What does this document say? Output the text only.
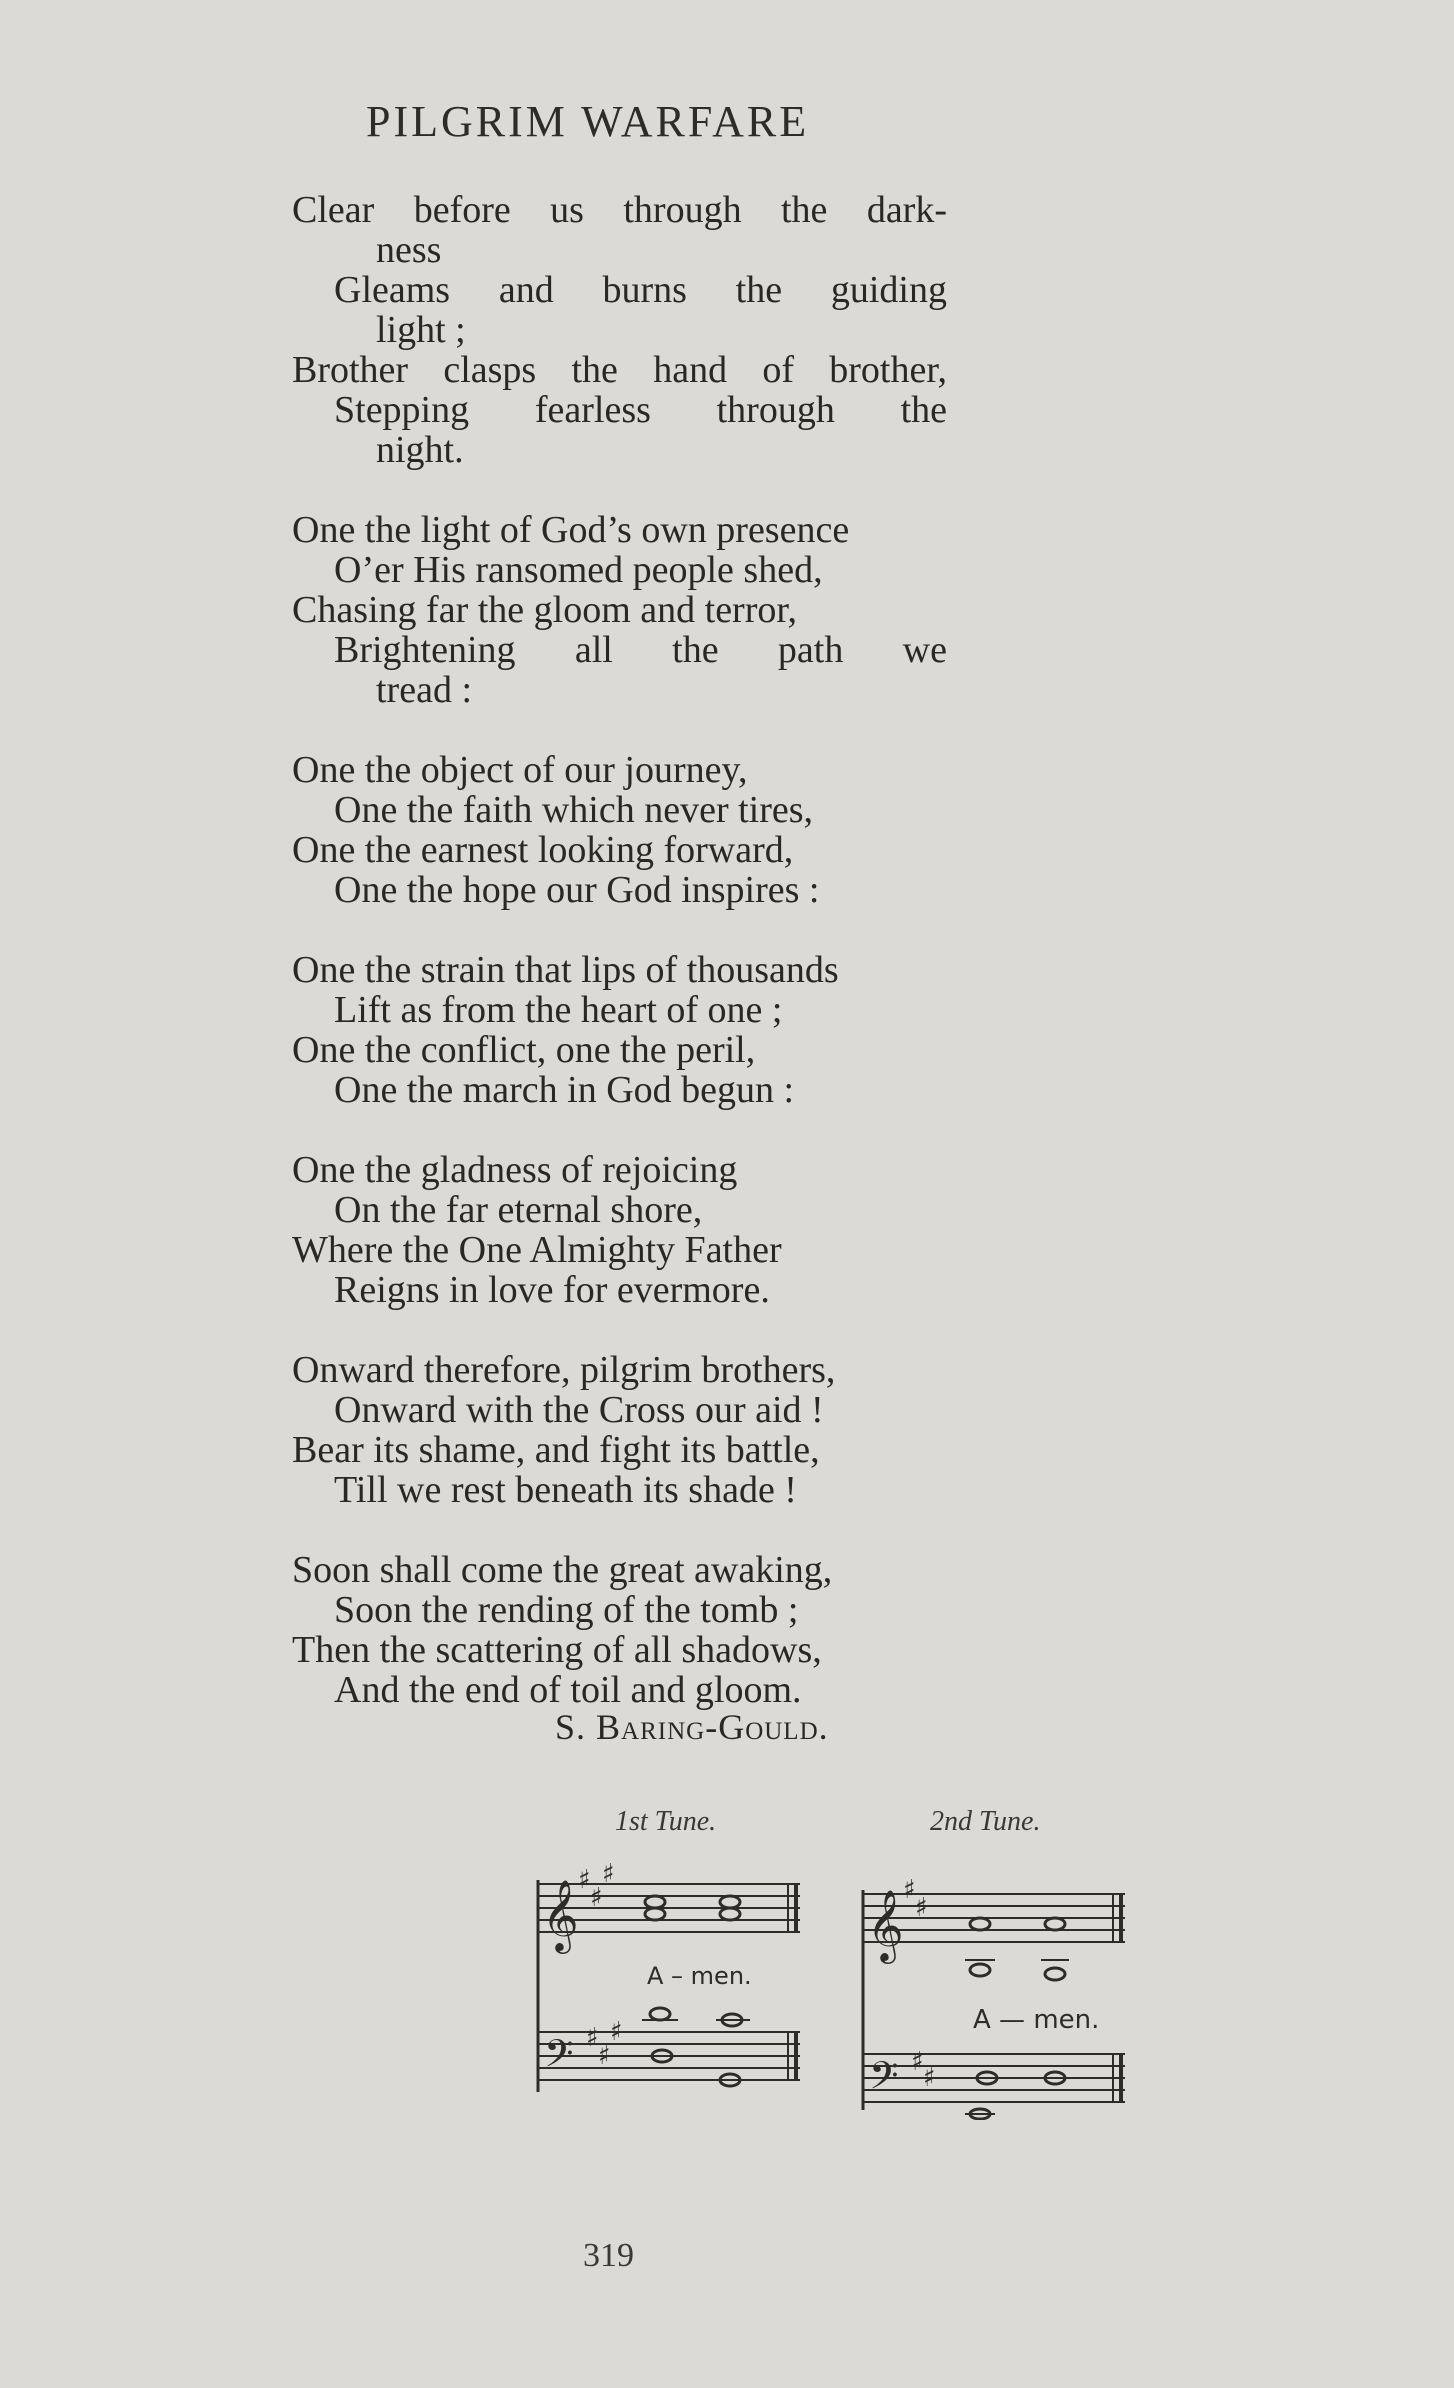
PILGRIM WARFARE
Clear before us through the dark-
ness
Gleams and burns the guiding
light ;
Brother clasps the hand of brother,
Stepping fearless through the
night.
One the light of God’s own presence
O’er His ransomed people shed,
Chasing far the gloom and terror,
Brightening all the path we
tread :
One the object of our journey,
One the faith which never tires,
One the earnest looking forward,
One the hope our God inspires :
One the strain that lips of thousands
Lift as from the heart of one ;
One the conflict, one the peril,
One the march in God begun :
One the gladness of rejoicing
On the far eternal shore,
Where the One Almighty Father
Reigns in love for evermore.
Onward therefore, pilgrim brothers,
Onward with the Cross our aid !
Bear its shame, and fight its battle,
Till we rest beneath its shade !
Soon shall come the great awaking,
Soon the rending of the tomb ;
Then the scattering of all shadows,
And the end of toil and gloom.
S. Baring-Gould.
1st Tune.	2nd Tune.
𝄞
𝄢
♯
♯
♯
♯
♯
♯
A – men.
𝄞
𝄢
♯
♯
♯
♯
A — men.
319
